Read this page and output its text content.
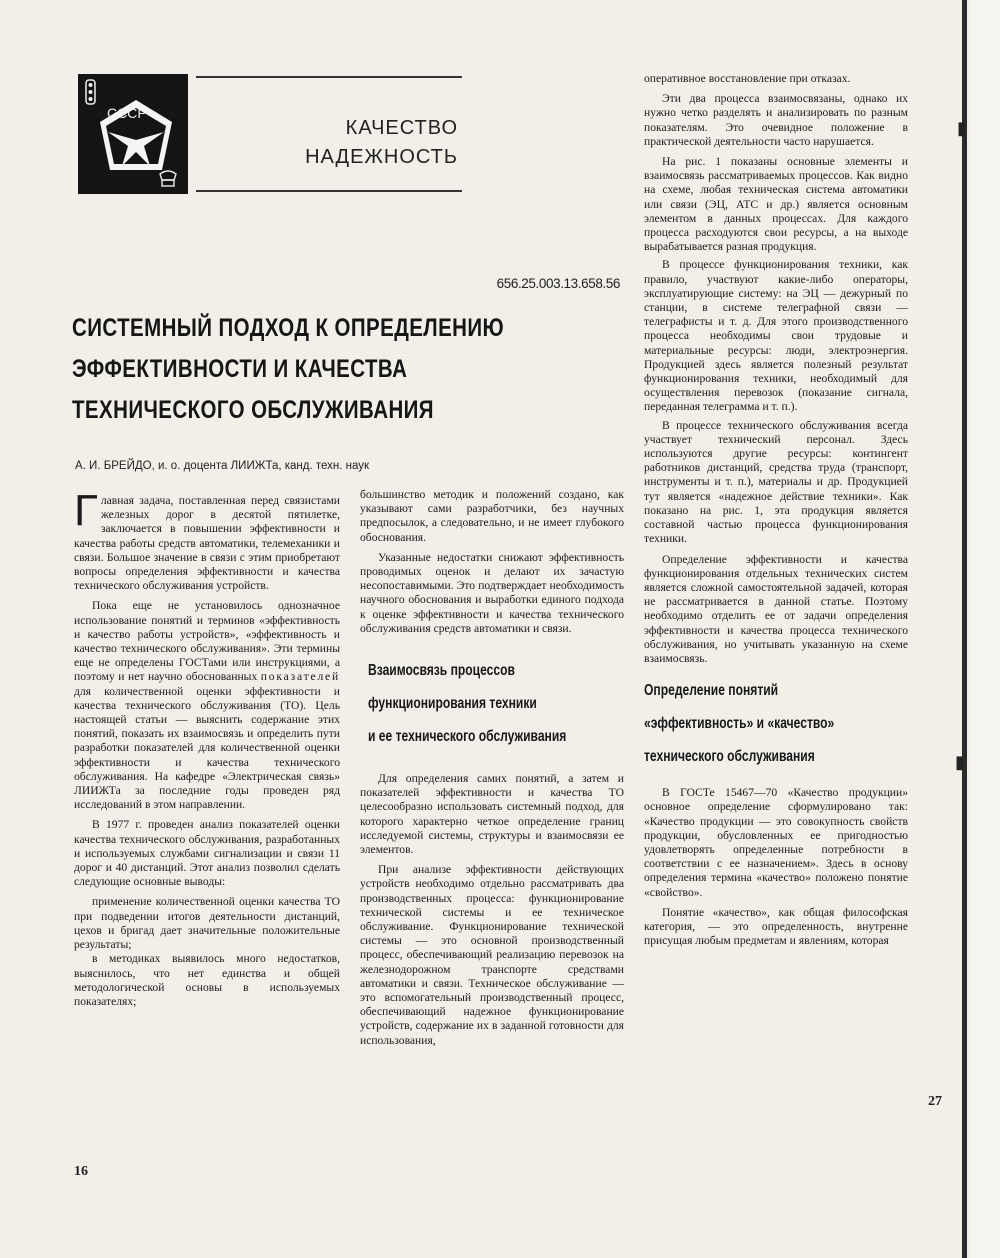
▮
▮
СССР
КАЧЕСТВО
НАДЕЖНОСТЬ
656.25.003.13.658.56
СИСТЕМНЫЙ ПОДХОД К ОПРЕДЕЛЕНИЮ
ЭФФЕКТИВНОСТИ И КАЧЕСТВА
ТЕХНИЧЕСКОГО ОБСЛУЖИВАНИЯ
А. И. БРЕЙДО, и. о. доцента ЛИИЖТа, канд. техн. наук

Главная задача, поставленная перед связистами железных дорог в десятой пятилетке, заключается в повышении эффективности и качества работы средств автоматики, телемеханики и связи. Большое значение в связи с этим приобретают вопросы определения эффективности и качества технического обслуживания устройств.

Пока еще не установилось однозначное использование понятий и терминов «эффективность и качество работы устройств», «эффективность и качество технического обслуживания». Эти термины еще не определены ГОСТами или инструкциями, а поэтому и нет научно обоснованных показателей для количественной оценки эффективности и качества технического обслуживания (ТО). Цель настоящей статьи — выяснить содержание этих понятий, показать их взаимосвязь и определить пути разработки показателей для количественной оценки эффективности и качества технического обслуживания. На кафедре «Электрическая связь» ЛИИЖТа за последние годы проведен ряд исследований в этом направлении.

В 1977 г. проведен анализ показателей оценки качества технического обслуживания, разработанных и используемых службами сигнализации и связи 11 дорог и 40 дистанций. Этот анализ позволил сделать следующие основные выводы:

применение количественной оценки качества ТО при подведении итогов деятельности дистанций, цехов и бригад дает значительные положительные результаты;

в методиках выявилось много недостатков, выяснилось, что нет единства и общей методологической основы в используемых показателях;

16

большинство методик и положений создано, как указывают сами разработчики, без научных предпосылок, а следовательно, и не имеет глубокого обоснования.

Указанные недостатки снижают эффективность проводимых оценок и делают их зачастую несопоставимыми. Это подтверждает необходимость научного обоснования и выработки единого подхода к оценке эффективности и качества технического обслуживания средств автоматики и связи.

Взаимосвязь процессов
функционирования техники
и ее технического обслуживания

Для определения самих понятий, а затем и показателей эффективности и качества ТО целесообразно использовать системный подход, для которого характерно четкое определение границ исследуемой системы, структуры и взаимосвязи ее элементов.

При анализе эффективности действующих устройств необходимо отдельно рассматривать два производственных процесса: функционирование технической системы и ее техническое обслуживание. Функционирование технической системы — это основной производственный процесс, обеспечивающий реализацию перевозок на железнодорожном транспорте средствами автоматики и связи. Техническое обслуживание — это вспомогательный производственный процесс, обеспечивающий надежное функционирование устройств, содержание их в заданной готовности для использования,

оперативное восстановление при отказах.

Эти два процесса взаимосвязаны, однако их нужно четко разделять и анализировать по разным показателям. Это очевидное положение в практической деятельности часто нарушается.

На рис. 1 показаны основные элементы и взаимосвязь рассматриваемых процессов. Как видно на схеме, любая техническая система автоматики или связи (ЭЦ, АТС и др.) является основным элементом в данных процессах. Для каждого процесса расходуются свои ресурсы, а на выходе вырабатывается разная продукция.

В процессе функционирования техники, как правило, участвуют какие-либо операторы, эксплуатирующие систему: на ЭЦ — дежурный по станции, в системе телеграфной связи — телеграфисты и т. д. Для этого производственного процесса необходимы свои трудовые и материальные ресурсы: люди, электроэнергия. Продукцией здесь является полезный результат функционирования техники, необходимый для осуществления перевозок (показание сигнала, переданная телеграмма и т. п.).

В процессе технического обслуживания всегда участвует технический персонал. Здесь используются другие ресурсы: контингент работников дистанций, средства труда (транспорт, инструменты и т. п.), материалы и др. Продукцией тут является «надежное действие техники». Как показано на рис. 1, эта продукция является составной частью процесса функционирования техники.

Определение эффективности и качества функционирования отдельных технических систем является сложной самостоятельной задачей, которая не рассматривается в данной статье. Поэтому необходимо отделить ее от задачи определения эффективности и качества процесса технического обслуживания, но учитывать указанную на схеме взаимосвязь.

Определение понятий
«эффективность» и «качество»
технического обслуживания

В ГОСТе 15467—70 «Качество продукции» основное определение сформулировано так: «Качество продукции — это совокупность свойств продукции, обусловленных ее пригодностью удовлетворять определенные потребности в соответствии с ее назначением». Здесь в основу определения термина «качество» положено понятие «свойство».

Понятие «качество», как общая философская категория, — это определенность, внутренне присущая любым предметам и явлениям, которая

27
